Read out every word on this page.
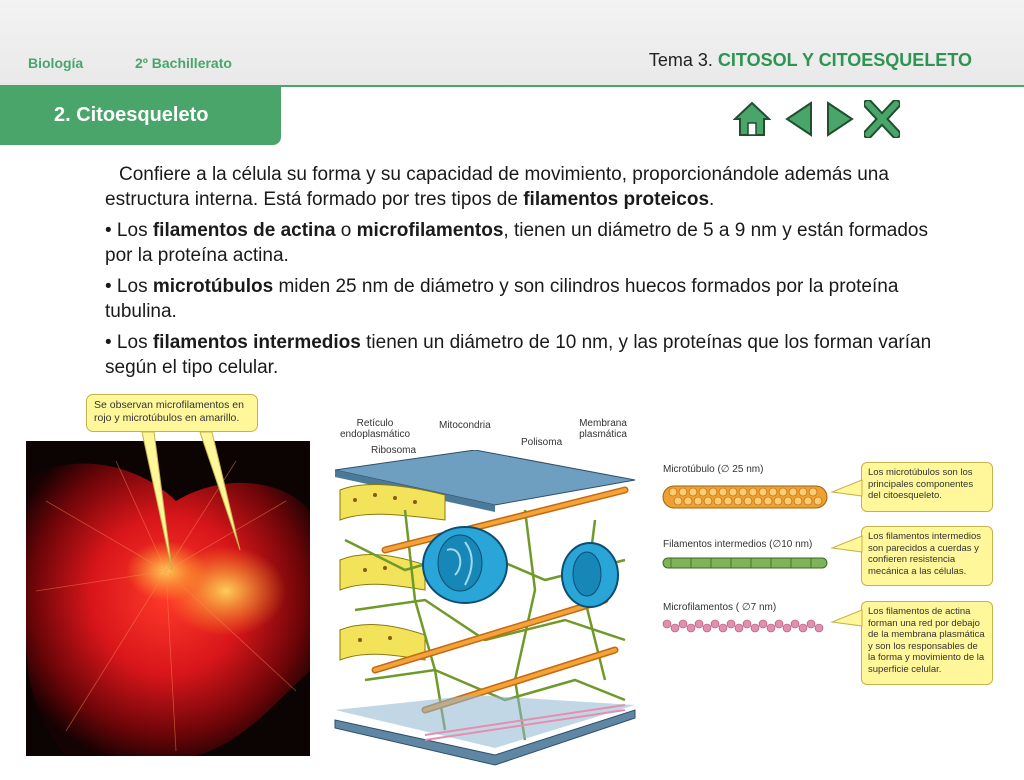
Biología	2º Bachillerato	Tema 3. CITOSOL Y CITOESQUELETO
2. Citoesqueleto

Confiere a la célula su forma y su capacidad de movimiento, proporcionándole además una estructura interna. Está formado por tres tipos de filamentos proteicos.

• Los filamentos de actina o microfilamentos, tienen un diámetro de 5 a 9 nm y están formados por la proteína actina.

• Los microtúbulos miden 25 nm de diámetro y son cilindros huecos formados por la proteína tubulina.

• Los filamentos intermedios tienen un diámetro de 10 nm, y las proteínas que los forman varían según el tipo celular.

Se observan microfilamentos en rojo y microtúbulos en amarillo.	Retículo endoplasmático
Ribosoma
Mitocondria
Polisoma
Membrana plasmática
Microtúbulo (∅ 25 nm)
Filamentos intermedios (∅10 nm)
Microfilamentos ( ∅7 nm)
Los microtúbulos son los principales componentes del citoesqueleto.
Los filamentos intermedios son parecidos a cuerdas y confieren resistencia mecánica a las células.
Los filamentos de actina forman una red por debajo de la membrana plasmática y son los responsables de la forma y movimiento de la superficie celular.
